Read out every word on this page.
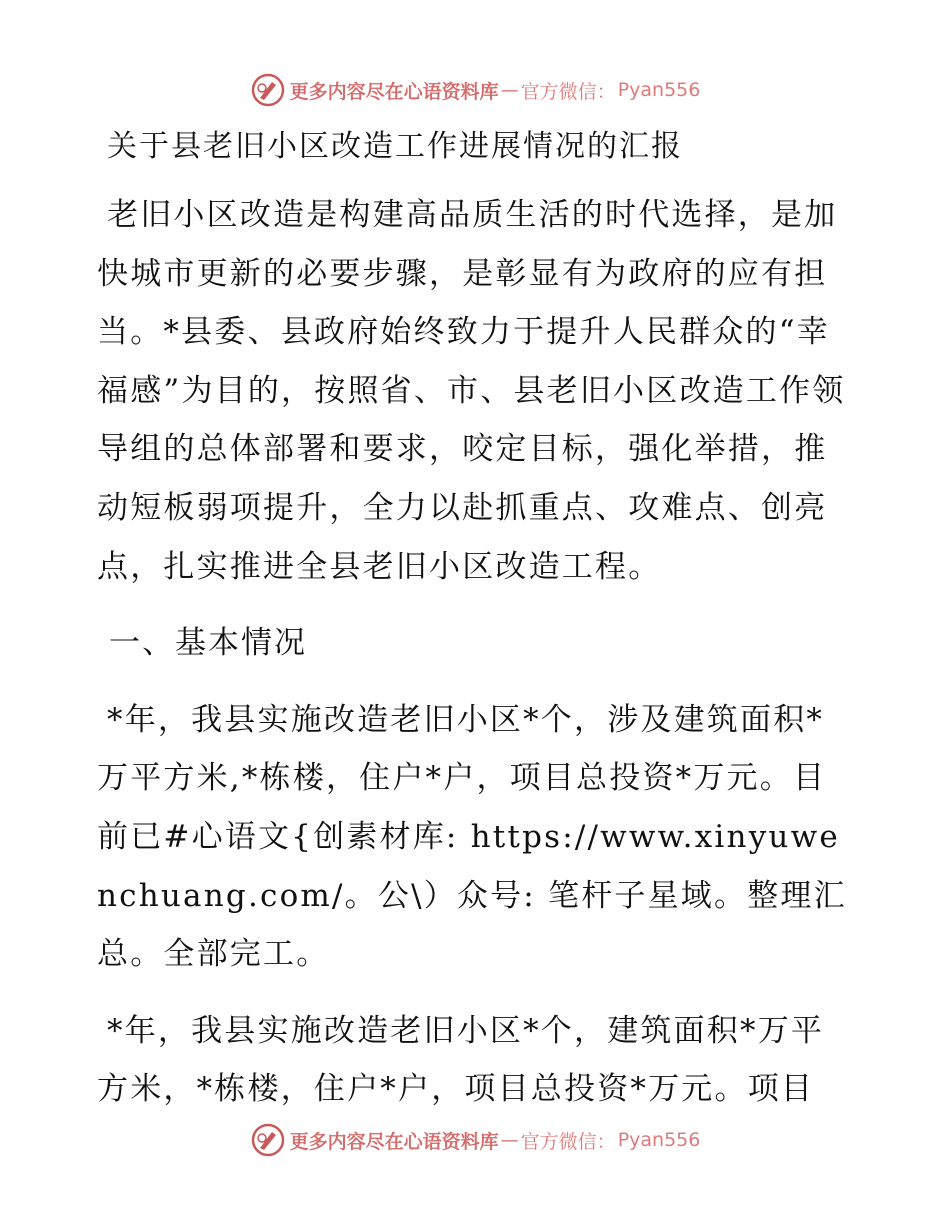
更多内容尽在心语资料库 — 官方微信： Pyan556
关于县老旧小区改造工作进展情况的汇报

老旧小区改造是构建高品质生活的时代选择，是加快城市更新的必要步骤，是彰显有为政府的应有担当。*县委、县政府始终致力于提升人民群众的“幸福感”为目的，按照省、市、县老旧小区改造工作领导组的总体部署和要求，咬定目标，强化举措，推动短板弱项提升，全力以赴抓重点、攻难点、创亮点，扎实推进全县老旧小区改造工程。

一、基本情况

*年，我县实施改造老旧小区*个，涉及建筑面积*万平方米,*栋楼，住户*户，项目总投资*万元。目前已#心语文{创素材库: https://www.xinyuwenchuang.com/。公\）众号: 笔杆子星域。整理汇总。全部完工。

*年，我县实施改造老旧小区*个，建筑面积*万平方米，*栋楼，住户*户，项目总投资*万元。项目

更多内容尽在心语资料库 — 官方微信： Pyan556
